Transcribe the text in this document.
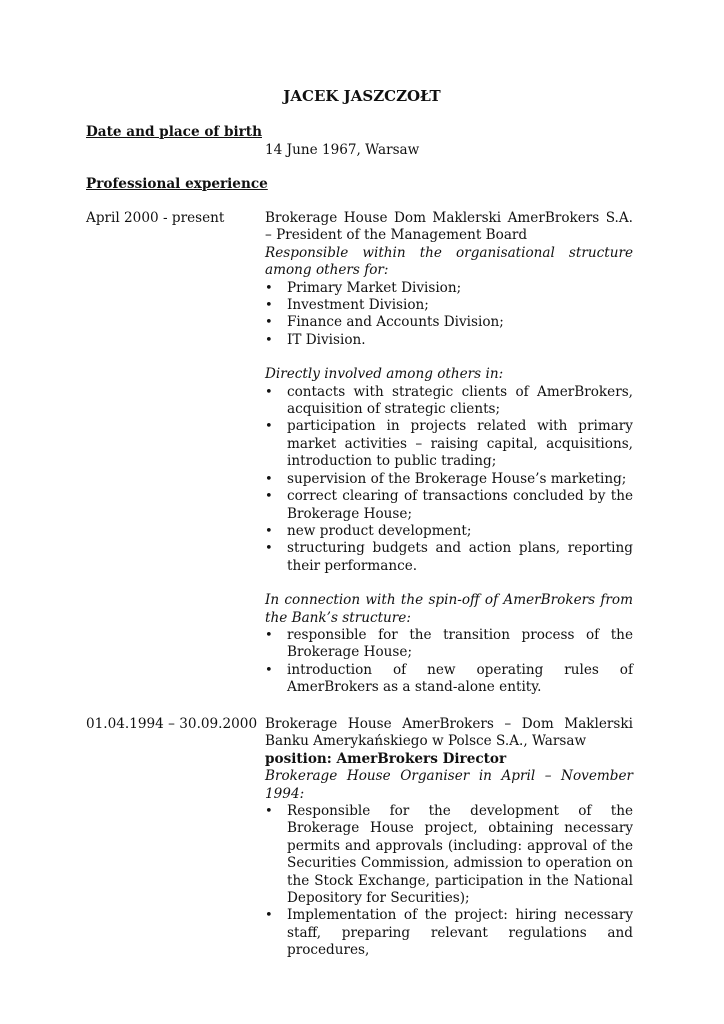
JACEK JASZCZOŁT
Date and place of birth
14 June 1967, Warsaw
Professional experience
April 2000 - present	Brokerage House Dom Maklerski AmerBrokers S.A. – President of the Management Board

Responsible within the organisational structure among others for:

• Primary Market Division;
• Investment Division;
• Finance and Accounts Division;
• IT Division.

Directly involved among others in:

• contacts with strategic clients of AmerBrokers, acquisition of strategic clients;
• participation in projects related with primary market activities – raising capital, acquisitions, introduction to public trading;
• supervision of the Brokerage House’s marketing;
• correct clearing of transactions concluded by the Brokerage House;
• new product development;
• structuring budgets and action plans, reporting their performance.

In connection with the spin-off of AmerBrokers from the Bank’s structure:

• responsible for the transition process of the Brokerage House;
• introduction of new operating rules of AmerBrokers as a stand-alone entity.
01.04.1994 – 30.09.2000 Brokerage House AmerBrokers – Dom Maklerski Banku Amerykańskiego w Polsce S.A., Warsaw

position: AmerBrokers Director

Brokerage House Organiser in April – November 1994:

• Responsible for the development of the Brokerage House project, obtaining necessary permits and approvals (including: approval of the Securities Commission, admission to operation on the Stock Exchange, participation in the National Depository for Securities);
• Implementation of the project: hiring necessary staff, preparing relevant regulations and procedures,
